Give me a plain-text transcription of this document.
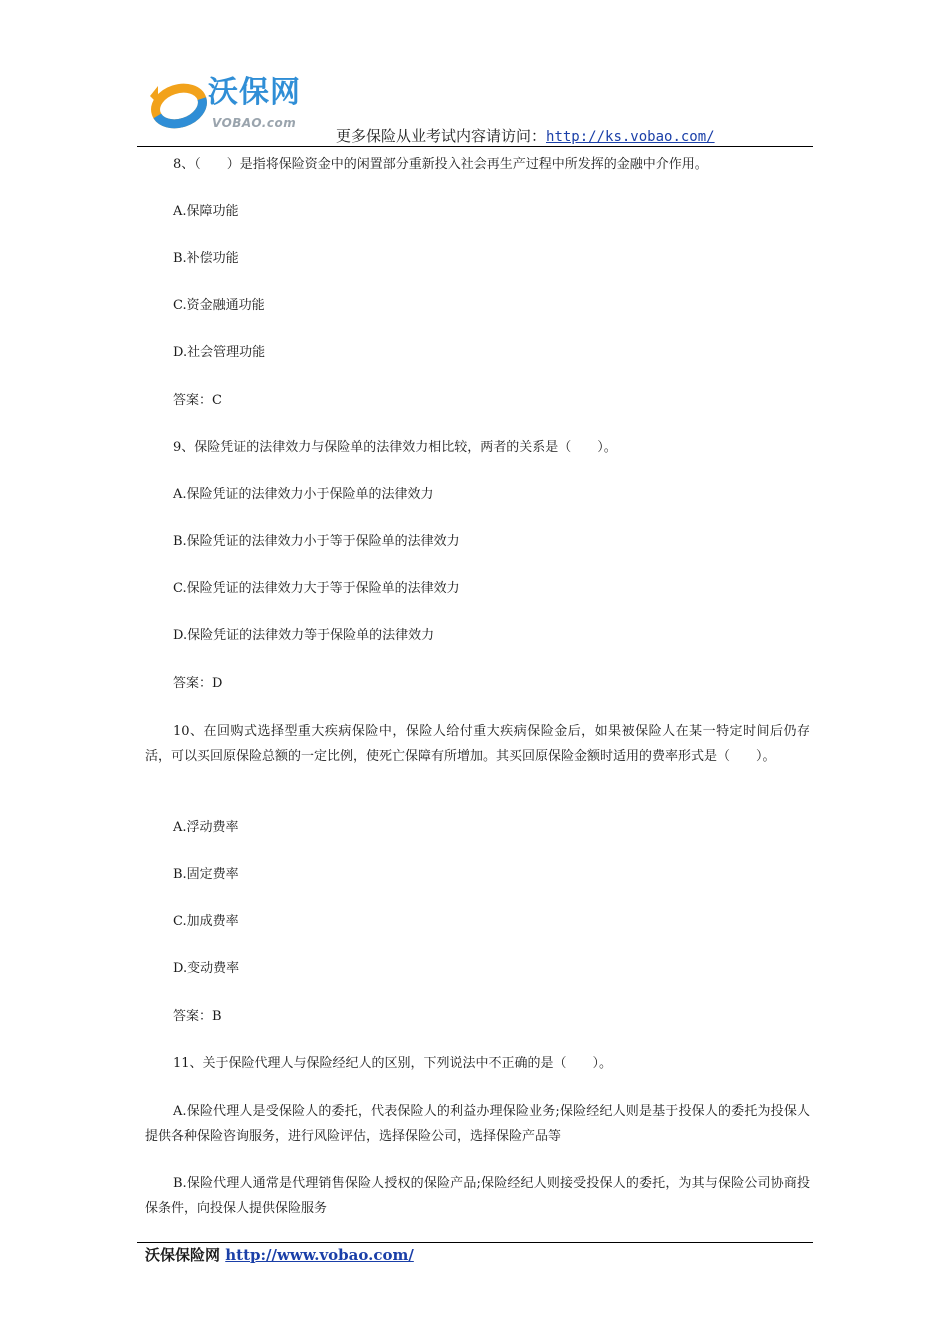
沃保网
VOBAO.com
更多保险从业考试内容请访问：http://ks.vobao.com/
8、（　　）是指将保险资金中的闲置部分重新投入社会再生产过程中所发挥的金融中介作用。
A.保障功能
B.补偿功能
C.资金融通功能
D.社会管理功能
答案：C
9、保险凭证的法律效力与保险单的法律效力相比较，两者的关系是（　　）。
A.保险凭证的法律效力小于保险单的法律效力
B.保险凭证的法律效力小于等于保险单的法律效力
C.保险凭证的法律效力大于等于保险单的法律效力
D.保险凭证的法律效力等于保险单的法律效力
答案：D
10、在回购式选择型重大疾病保险中，保险人给付重大疾病保险金后，如果被保险人在某一特定时间后仍存活，可以买回原保险总额的一定比例，使死亡保障有所增加。其买回原保险金额时适用的费率形式是（　　）。
A.浮动费率
B.固定费率
C.加成费率
D.变动费率
答案：B
11、关于保险代理人与保险经纪人的区别，下列说法中不正确的是（　　）。
A.保险代理人是受保险人的委托，代表保险人的利益办理保险业务;保险经纪人则是基于投保人的委托为投保人提供各种保险咨询服务，进行风险评估，选择保险公司，选择保险产品等
B.保险代理人通常是代理销售保险人授权的保险产品;保险经纪人则接受投保人的委托，为其与保险公司协商投保条件，向投保人提供保险服务
沃保保险网 http://www.vobao.com/
